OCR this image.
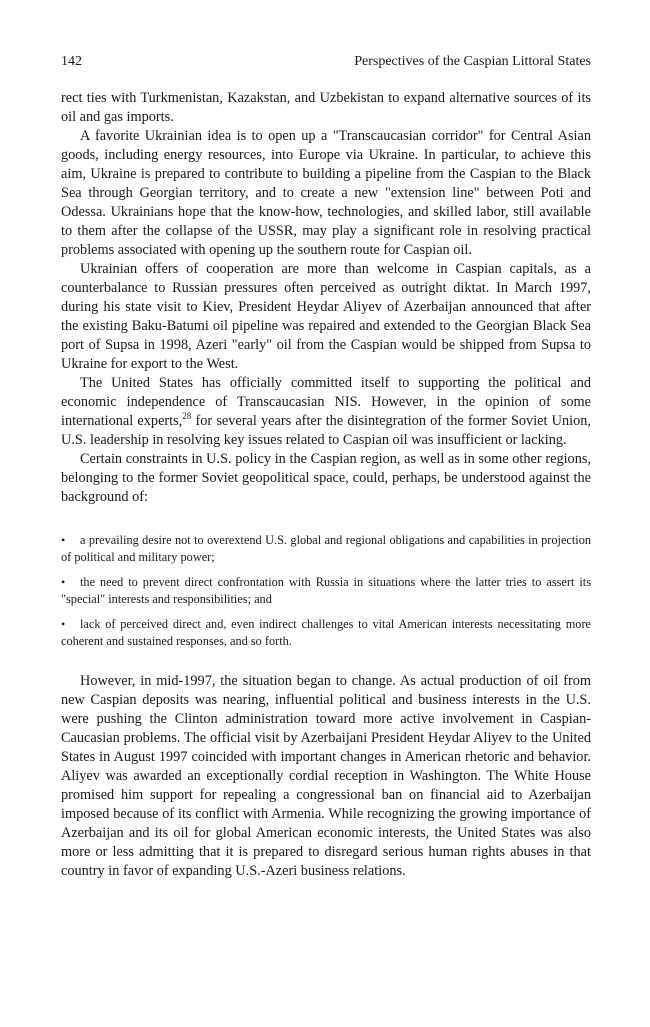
142	Perspectives of the Caspian Littoral States

rect ties with Turkmenistan, Kazakstan, and Uzbekistan to expand alternative sources of its oil and gas imports.

A favorite Ukrainian idea is to open up a "Transcaucasian corridor" for Central Asian goods, including energy resources, into Europe via Ukraine. In particular, to achieve this aim, Ukraine is prepared to contribute to building a pipeline from the Caspian to the Black Sea through Georgian territory, and to create a new "extension line" between Poti and Odessa. Ukrainians hope that the know-how, technologies, and skilled labor, still available to them after the collapse of the USSR, may play a significant role in resolving practical problems associated with opening up the southern route for Caspian oil.

Ukrainian offers of cooperation are more than welcome in Caspian capitals, as a counterbalance to Russian pressures often perceived as outright diktat. In March 1997, during his state visit to Kiev, President Heydar Aliyev of Azerbaijan announced that after the existing Baku-Batumi oil pipeline was repaired and extended to the Georgian Black Sea port of Supsa in 1998, Azeri "early" oil from the Caspian would be shipped from Supsa to Ukraine for export to the West.

The United States has officially committed itself to supporting the political and economic independence of Transcaucasian NIS. However, in the opinion of some international experts,$^{28}$ for several years after the disintegration of the former Soviet Union, U.S. leadership in resolving key issues related to Caspian oil was insufficient or lacking.

Certain constraints in U.S. policy in the Caspian region, as well as in some other regions, belonging to the former Soviet geopolitical space, could, perhaps, be understood against the background of:

• a prevailing desire not to overextend U.S. global and regional obligations and capabilities in projection of political and military power;
• the need to prevent direct confrontation with Russia in situations where the latter tries to assert its "special" interests and responsibilities; and
• lack of perceived direct and, even indirect challenges to vital American interests necessitating more coherent and sustained responses, and so forth.

However, in mid-1997, the situation began to change. As actual production of oil from new Caspian deposits was nearing, influential political and business interests in the U.S. were pushing the Clinton administration toward more active involvement in Caspian-Caucasian problems. The official visit by Azerbaijani President Heydar Aliyev to the United States in August 1997 coincided with important changes in American rhetoric and behavior. Aliyev was awarded an exceptionally cordial reception in Washington. The White House promised him support for repealing a congressional ban on financial aid to Azerbaijan imposed because of its conflict with Armenia. While recognizing the growing importance of Azerbaijan and its oil for global American economic interests, the United States was also more or less admitting that it is prepared to disregard serious human rights abuses in that country in favor of expanding U.S.-Azeri business relations.
